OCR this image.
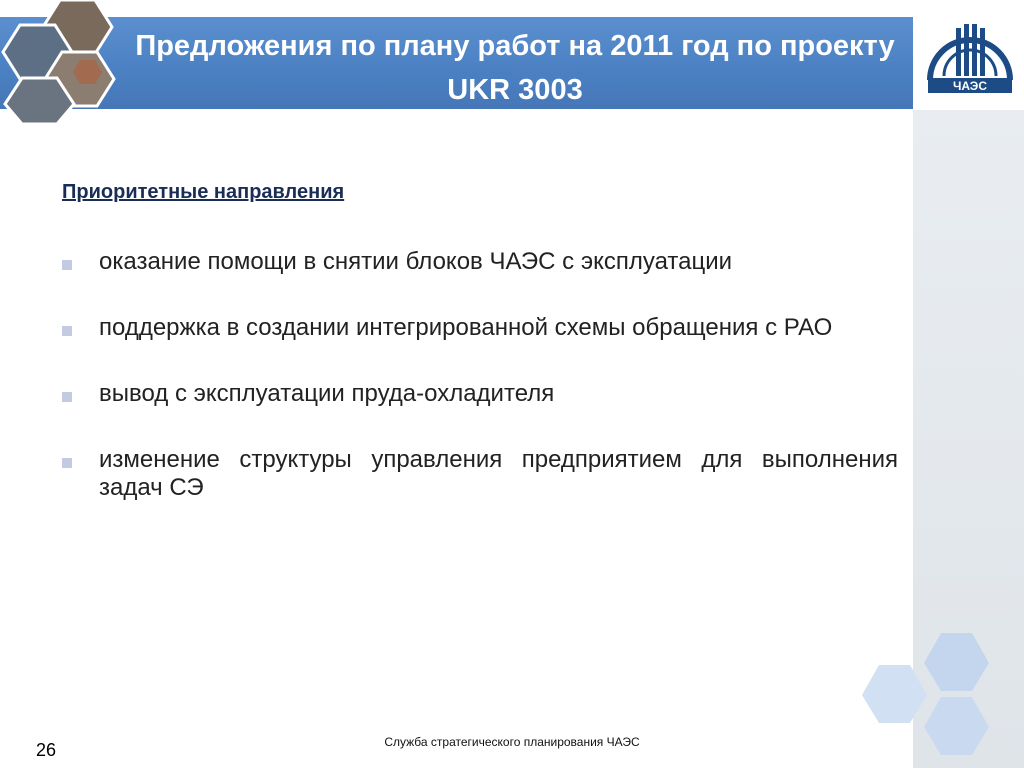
Предложения по плану работ на 2011 год по проекту UKR 3003	ЧАЭС

Приоритетные направления

оказание помощи в снятии блоков ЧАЭС с эксплуатации
поддержка в создании интегрированной схемы обращения с РАО
вывод с эксплуатации пруда-охладителя
изменение структуры управления предприятием для выполнения задач СЭ

26	Служба стратегического планирования ЧАЭС
